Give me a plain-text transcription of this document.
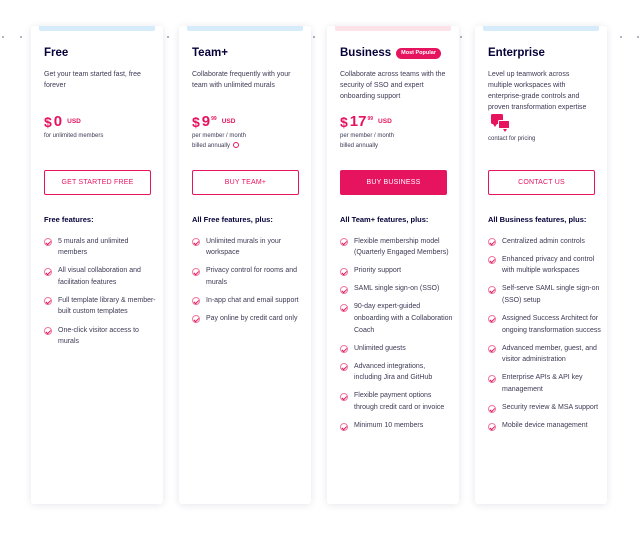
Free
Get your team started fast, free forever
$ 0 USD
for unlimited members
GET STARTED FREE
Free features:
5 murals and unlimited members
All visual collaboration and facilitation features
Full template library & member-built custom templates
One-click visitor access to murals
Team+
Collaborate frequently with your team with unlimited murals
$ 9 99 USD
per member / month
billed annually
BUY TEAM+
All Free features, plus:
Unlimited murals in your workspace
Privacy control for rooms and murals
In-app chat and email support
Pay online by credit card only
Business	Most Popular
Collaborate across teams with the security of SSO and expert onboarding support
$ 17 99 USD
per member / month
billed annually
BUY BUSINESS
All Team+ features, plus:
Flexible membership model (Quarterly Engaged Members)
Priority support
SAML single sign-on (SSO)
90-day expert-guided onboarding with a Collaboration Coach
Unlimited guests
Advanced integrations, including Jira and GitHub
Flexible payment options through credit card or invoice
Minimum 10 members
Enterprise
Level up teamwork across multiple workspaces with enterprise-grade controls and proven transformation expertise
contact for pricing
CONTACT US
All Business features, plus:
Centralized admin controls
Enhanced privacy and control with multiple workspaces
Self-serve SAML single sign-on (SSO) setup
Assigned Success Architect for ongoing transformation success
Advanced member, guest, and visitor administration
Enterprise APIs & API key management
Security review & MSA support
Mobile device management
